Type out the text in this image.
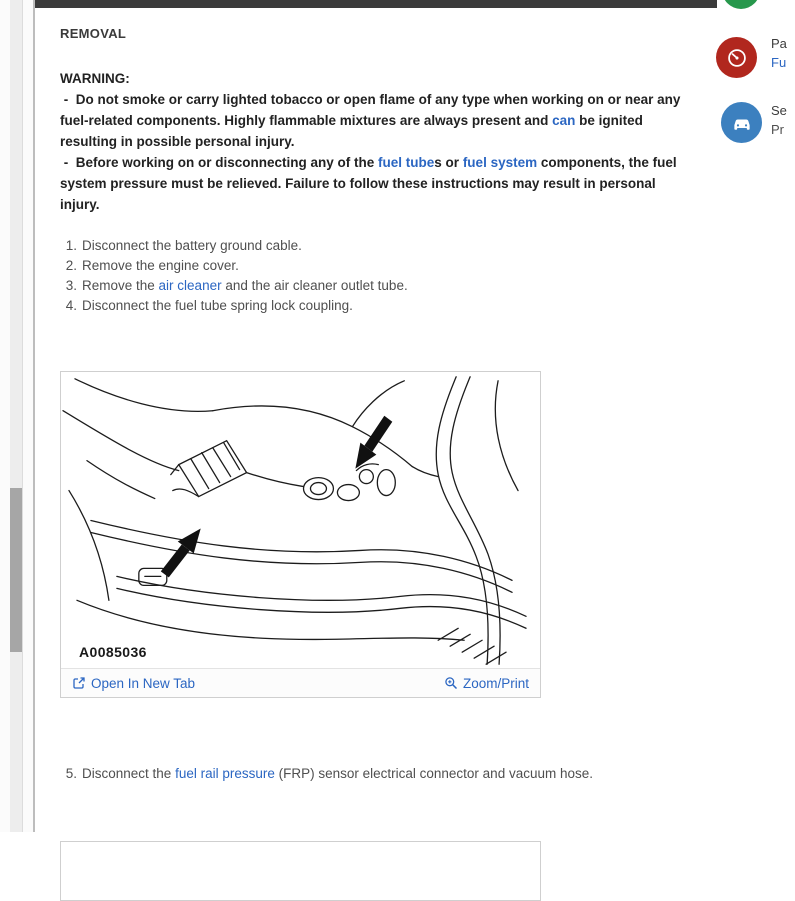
REMOVAL

WARNING:

-  Do not smoke or carry lighted tobacco or open flame of any type when working on or near any fuel-related components. Highly flammable mixtures are always present and can be ignited resulting in possible personal injury.

-  Before working on or disconnecting any of the fuel tubes or fuel system components, the fuel system pressure must be relieved. Failure to follow these instructions may result in personal injury.

1. Disconnect the battery ground cable.
2. Remove the engine cover.
3. Remove the air cleaner and the air cleaner outlet tube.
4. Disconnect the fuel tube spring lock coupling.
A0085036
Open In New Tab	Zoom/Print
5. Disconnect the fuel rail pressure (FRP) sensor electrical connector and vacuum hose.
Pa
Fu
Se
Pr
